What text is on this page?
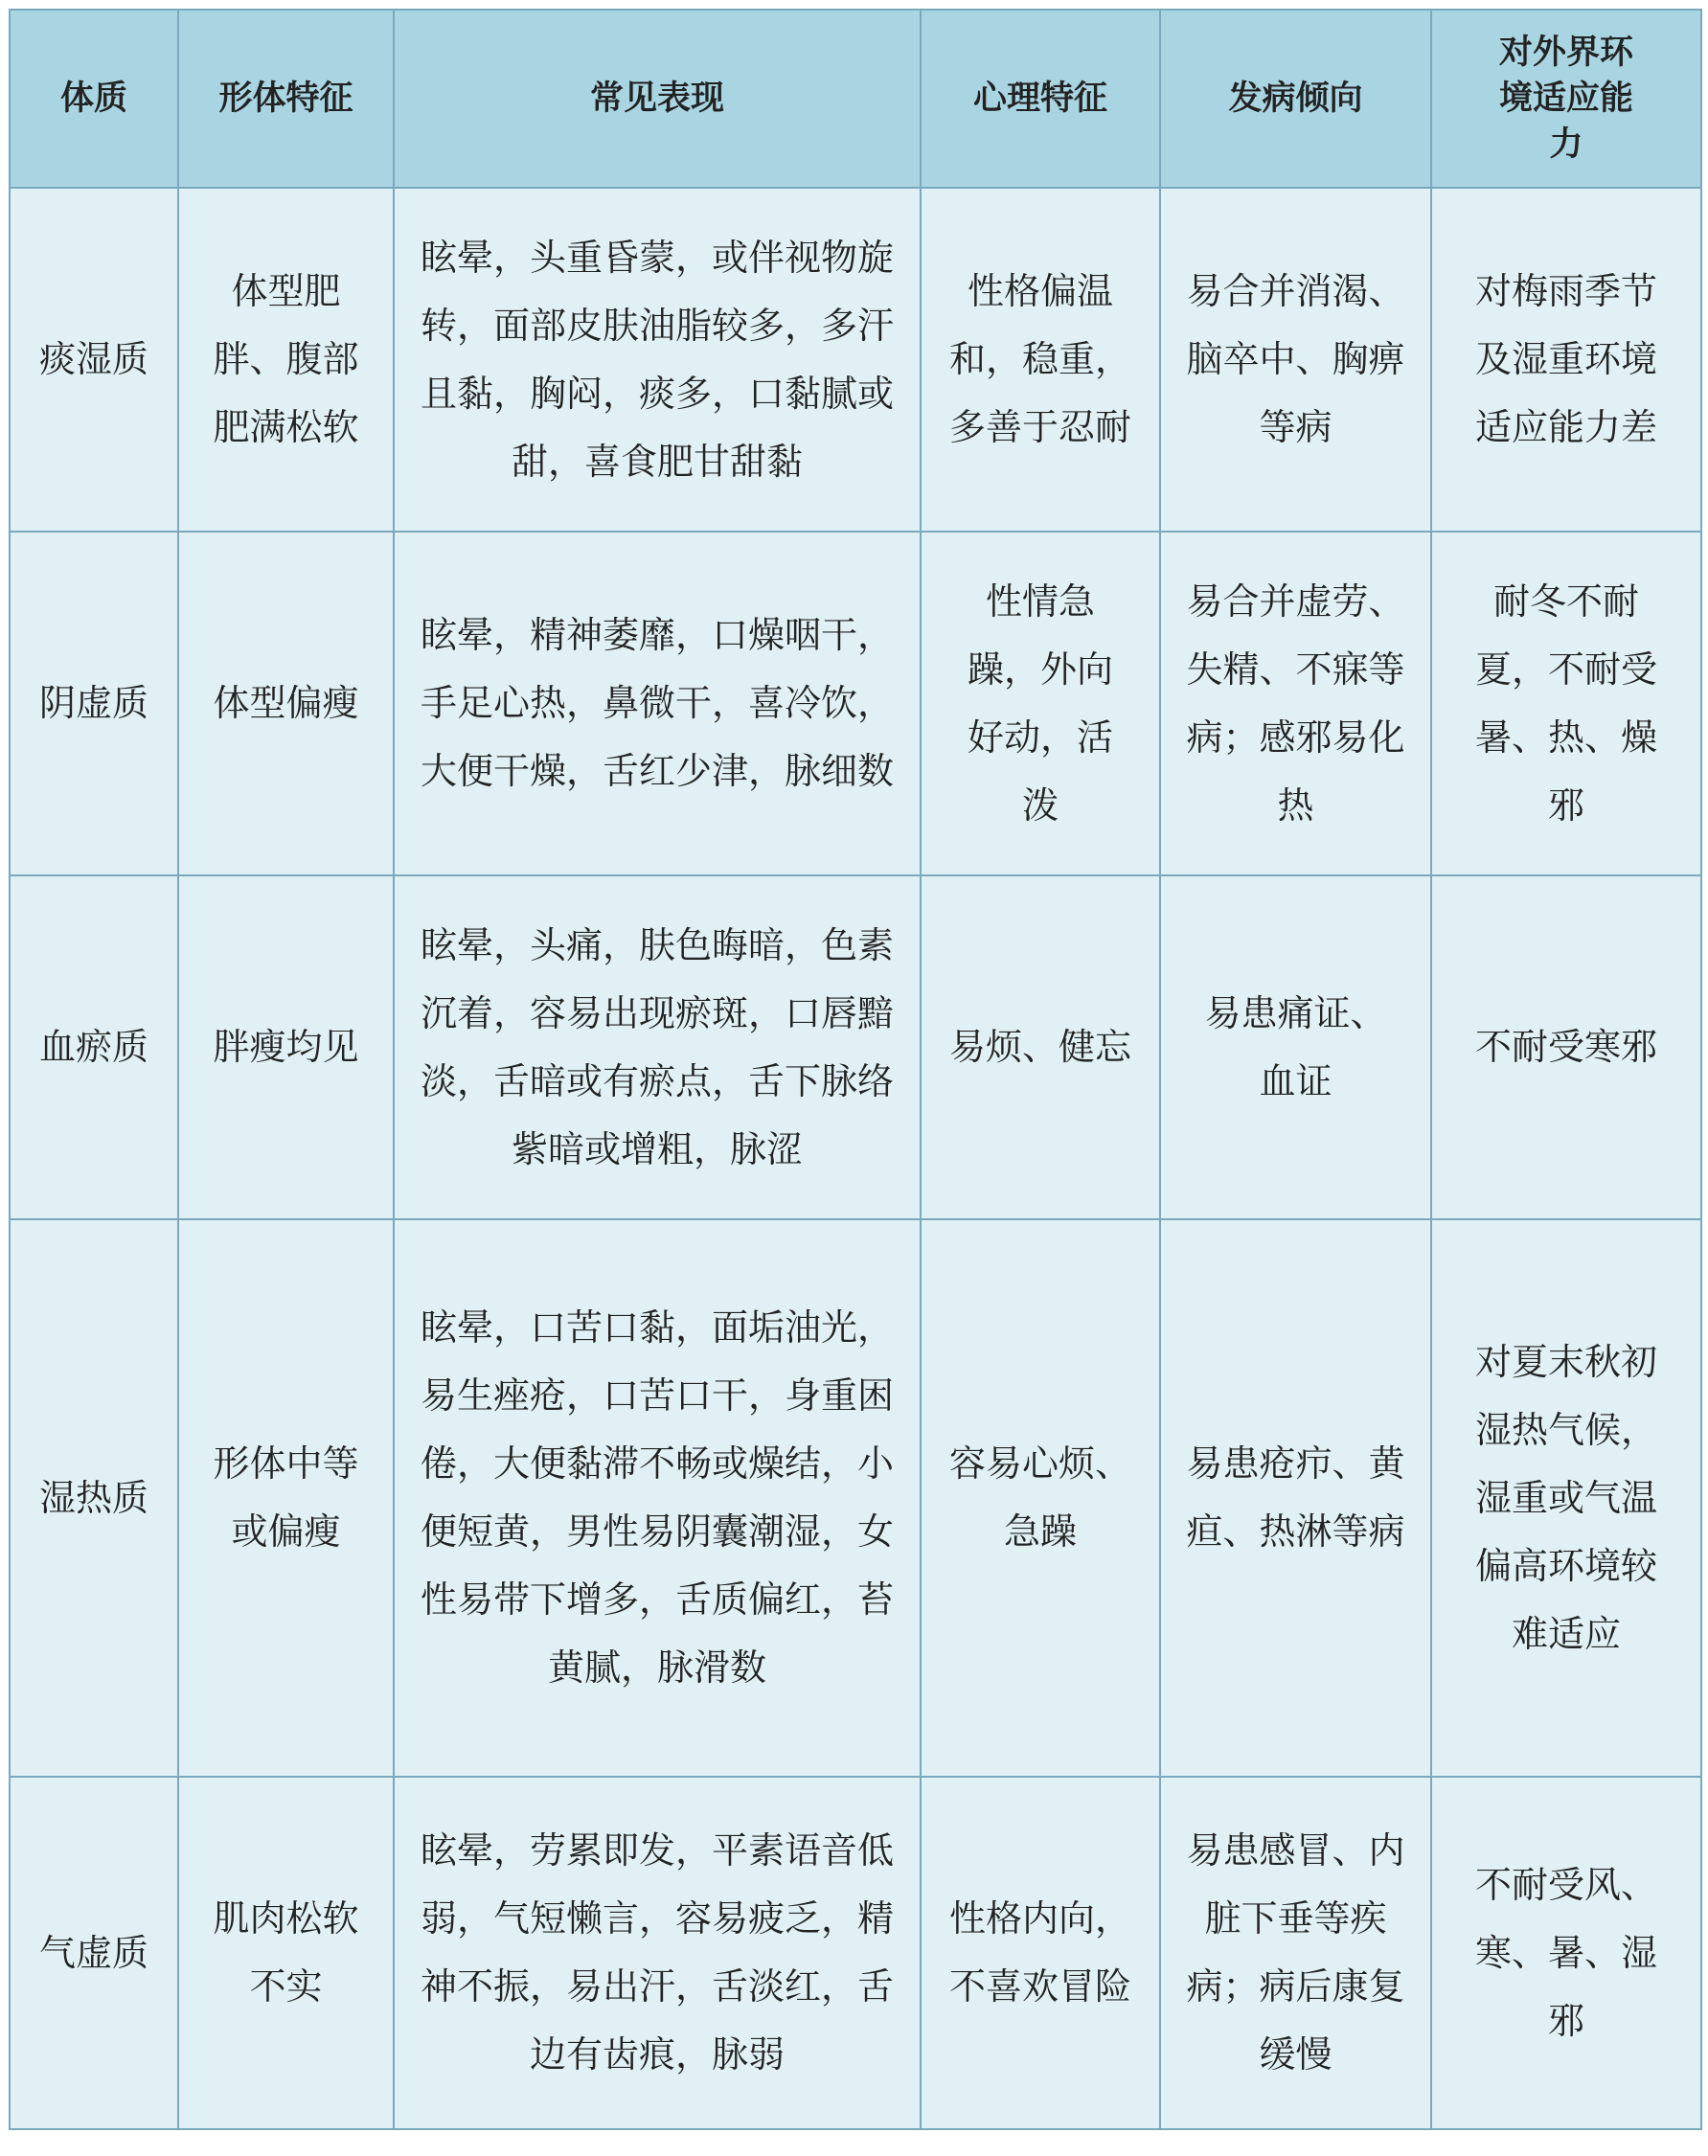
体质	形体特征	常见表现	心理特征	发病倾向	对外界环境适应能力

痰湿质	体型肥胖、腹部肥满松软	眩晕，头重昏蒙，或伴视物旋转，面部皮肤油脂较多，多汗且黏，胸闷，痰多，口黏腻或甜，喜食肥甘甜黏	性格偏温和，稳重，多善于忍耐	易合并消渴、脑卒中、胸痹等病	对梅雨季节及湿重环境适应能力差

阴虚质	体型偏瘦	眩晕，精神萎靡，口燥咽干，手足心热，鼻微干，喜冷饮，大便干燥，舌红少津，脉细数	性情急躁，外向好动，活泼	易合并虚劳、失精、不寐等病；感邪易化热	耐冬不耐夏，不耐受暑、热、燥邪

血瘀质	胖瘦均见	眩晕，头痛，肤色晦暗，色素沉着，容易出现瘀斑，口唇黯淡，舌暗或有瘀点，舌下脉络紫暗或增粗，脉涩	易烦、健忘	易患痛证、血证	不耐受寒邪

湿热质	形体中等或偏瘦	眩晕，口苦口黏，面垢油光，易生痤疮，口苦口干，身重困倦，大便黏滞不畅或燥结，小便短黄，男性易阴囊潮湿，女性易带下增多，舌质偏红，苔黄腻，脉滑数	容易心烦、急躁	易患疮疖、黄疸、热淋等病	对夏末秋初湿热气候，湿重或气温偏高环境较难适应

气虚质	肌肉松软不实	眩晕，劳累即发，平素语音低弱，气短懒言，容易疲乏，精神不振，易出汗，舌淡红，舌边有齿痕，脉弱	性格内向，不喜欢冒险	易患感冒、内脏下垂等疾病；病后康复缓慢	不耐受风、寒、暑、湿邪
